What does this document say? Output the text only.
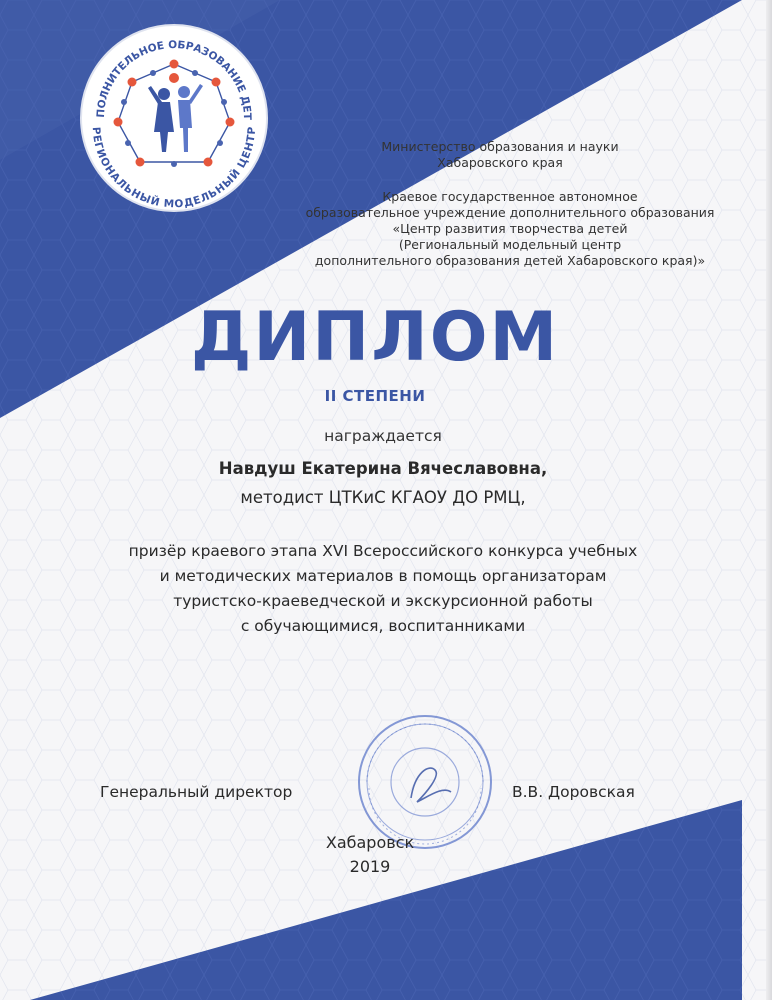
ПОЛНИТЕЛЬНОЕ ОБРАЗОВАНИЕ ДЕТ
РЕГИОНАЛЬНЫЙ МОДЕЛЬНЫЙ ЦЕНТР
Министерство образования и науки
Хабаровского края
Краевое государственное автономное
образовательное учреждение дополнительного образования
«Центр развития творчества детей
(Региональный модельный центр
дополнительного образования детей Хабаровского края)»
ДИПЛОМ
II СТЕПЕНИ
награждается
Навдуш Екатерина Вячеславовна,
методист ЦТКиС КГАОУ ДО РМЦ,
призёр краевого этапа XVI Всероссийского конкурса учебных
и методических материалов в помощь организаторам
туристско-краеведческой и экскурсионной работы
с обучающимися, воспитанниками
Генеральный директор	В.В. Доровская
Хабаровск
2019
